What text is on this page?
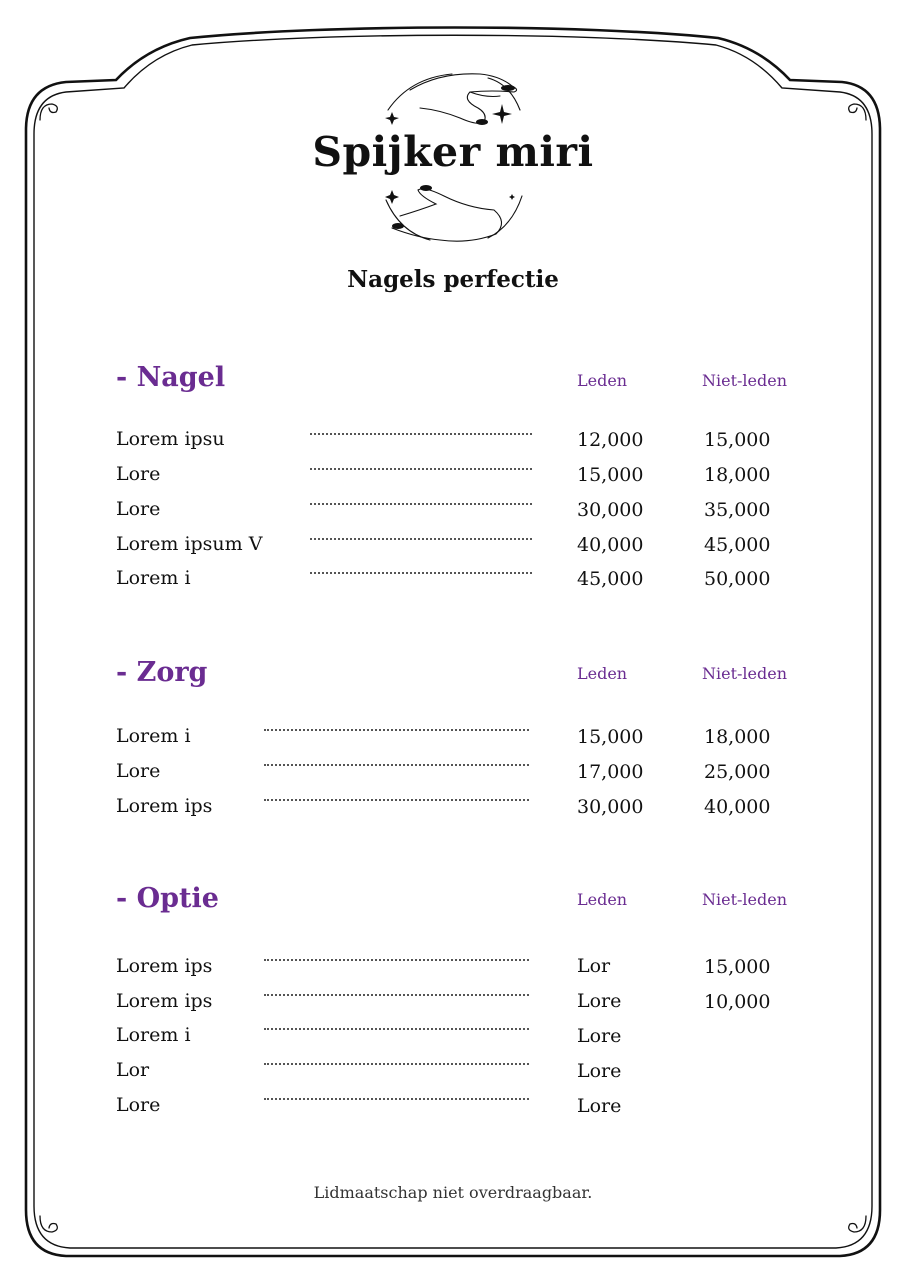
Spijker miri
Nagels perfectie
- Nagel	Leden	Niet-leden
Lorem ipsu	12,000	15,000
Lore	15,000	18,000
Lore	30,000	35,000
Lorem ipsum V	40,000	45,000
Lorem i	45,000	50,000
- Zorg	Leden	Niet-leden
Lorem i	15,000	18,000
Lore	17,000	25,000
Lorem ips	30,000	40,000
- Optie	Leden	Niet-leden
Lorem ips	Lor	15,000
Lorem ips	Lore	10,000
Lorem i	Lore
Lor	Lore
Lore	Lore
Lidmaatschap niet overdraagbaar.
